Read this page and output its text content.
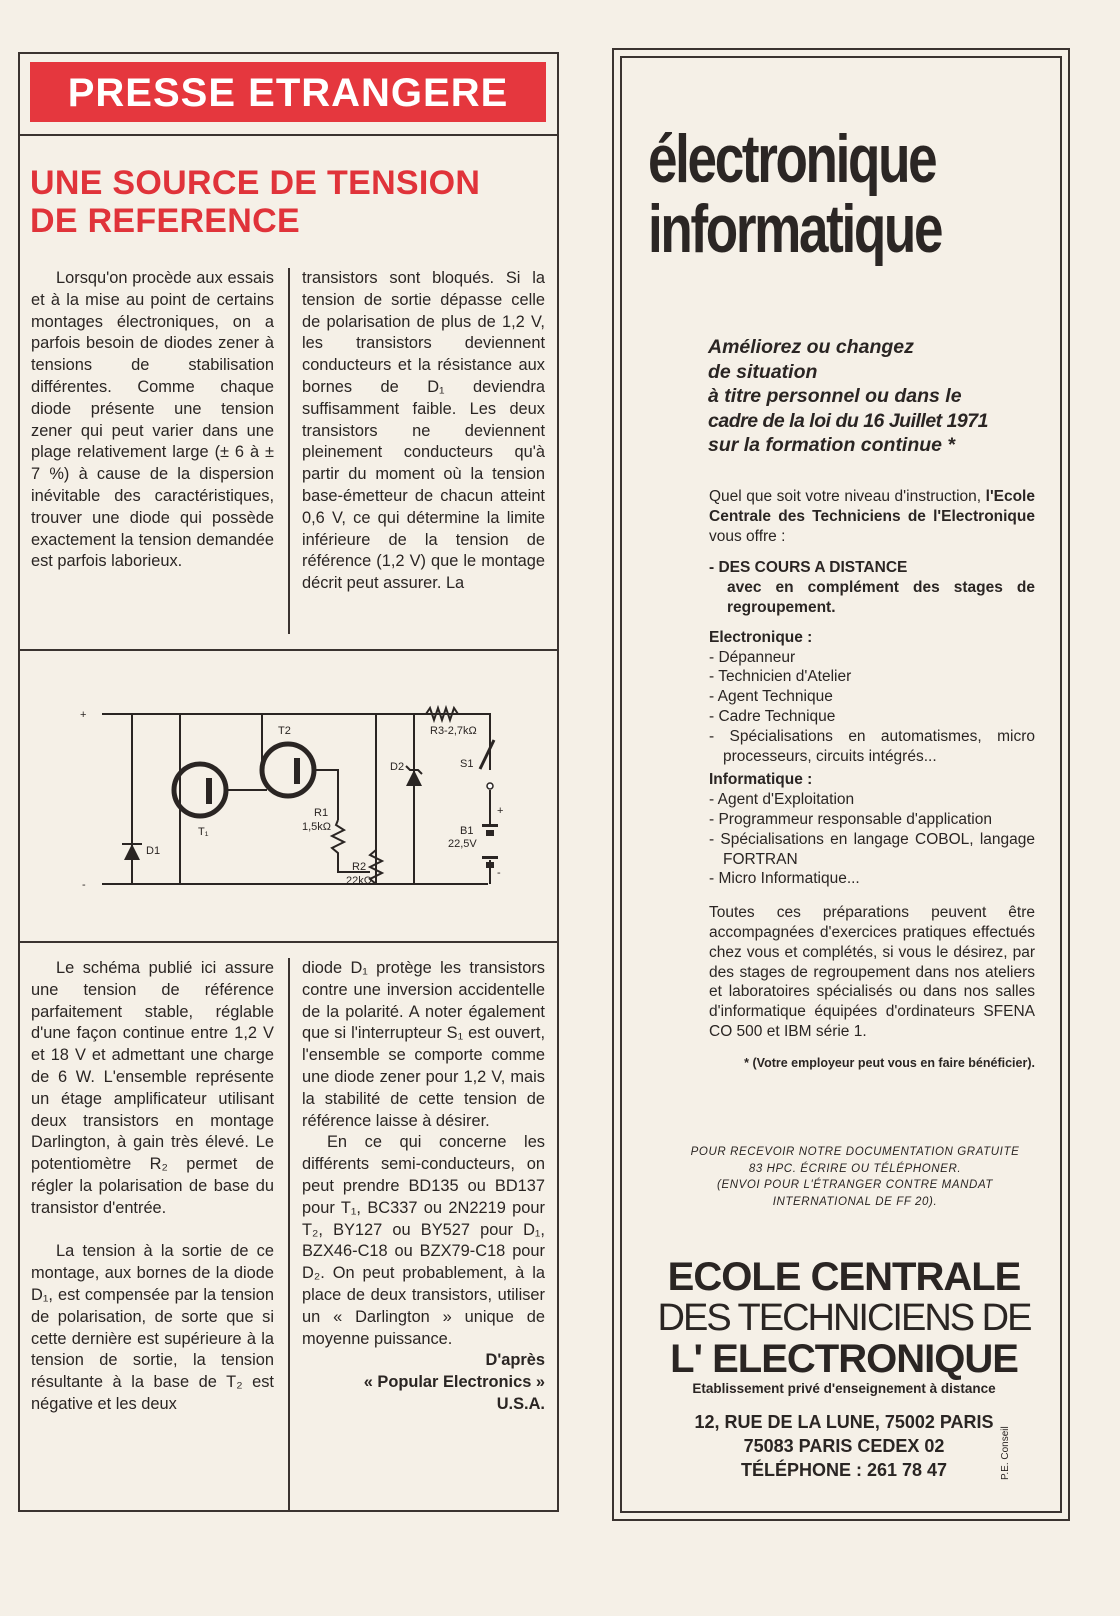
PRESSE ETRANGERE
UNE SOURCE DE TENSION
DE REFERENCE

Lorsqu'on procède aux essais et à la mise au point de certains montages électroniques, on a parfois besoin de diodes zener à tensions de stabilisation différentes. Comme chaque diode présente une tension zener qui peut varier dans une plage relativement large (± 6 à ± 7 %) à cause de la dispersion inévitable des caractéristiques, trouver une diode qui possède exactement la tension demandée est parfois laborieux.

transistors sont bloqués. Si la tension de sortie dépasse celle de polarisation de plus de 1,2 V, les transistors deviennent conducteurs et la résistance aux bornes de D₁ deviendra suffisamment faible. Les deux transistors ne deviennent pleinement conducteurs qu'à partir du moment où la tension base-émetteur de chacun atteint 0,6 V, ce qui détermine la limite inférieure de la tension de référence (1,2 V) que le montage décrit peut assurer. La

+
-
T₁
T2
D1
D2
R1
1,5kΩ
R2
22kΩ
R3-2,7kΩ
S1
B1
22,5V
+
-

Le schéma publié ici assure une tension de référence parfaitement stable, réglable d'une façon continue entre 1,2 V et 18 V et admettant une charge de 6 W. L'ensemble représente un étage amplificateur utilisant deux transistors en montage Darlington, à gain très élevé. Le potentiomètre R₂ permet de régler la polarisation de base du transistor d'entrée.

La tension à la sortie de ce montage, aux bornes de la diode D₁, est compensée par la tension de polarisation, de sorte que si cette dernière est supérieure à la tension de sortie, la tension résultante à la base de T₂ est négative et les deux

diode D₁ protège les transistors contre une inversion accidentelle de la polarité. A noter également que si l'interrupteur S₁ est ouvert, l'ensemble se comporte comme une diode zener pour 1,2 V, mais la stabilité de cette tension de référence laisse à désirer.

En ce qui concerne les différents semi-conducteurs, on peut prendre BD135 ou BD137 pour T₁, BC337 ou 2N2219 pour T₂, BY127 ou BY527 pour D₁, BZX46-C18 ou BZX79-C18 pour D₂. On peut probablement, à la place de deux transistors, utiliser un « Darlington » unique de moyenne puissance.

D'après
« Popular Electronics »
U.S.A.
électronique
informatique
Améliorez ou changez
de situation
à titre personnel ou dans le
cadre de la loi du 16 Juillet 1971
sur la formation continue *

Quel que soit votre niveau d'instruction, l'Ecole Centrale des Techniciens de l'Electronique vous offre :

- DES COURS A DISTANCE

avec en complément des stages de regroupement.

Electronique :

- Dépanneur

- Technicien d'Atelier

- Agent Technique

- Cadre Technique

- Spécialisations en automatismes, micro processeurs, circuits intégrés...

Informatique :

- Agent d'Exploitation

- Programmeur responsable d'application

- Spécialisations en langage COBOL, langage FORTRAN

- Micro Informatique...

Toutes ces préparations peuvent être accompagnées d'exercices pratiques effectués chez vous et complétés, si vous le désirez, par des stages de regroupement dans nos ateliers et laboratoires spécialisés ou dans nos salles d'informatique équipées d'ordinateurs SFENA CO 500 et IBM série 1.

* (Votre employeur peut vous en faire bénéficier).

POUR RECEVOIR NOTRE DOCUMENTATION GRATUITE
83 HPC. ÉCRIRE OU TÉLÉPHONER.
(ENVOI POUR L'ÉTRANGER CONTRE MANDAT
INTERNATIONAL DE FF 20).
ECOLE CENTRALE
DES TECHNICIENS DE
L' ELECTRONIQUE
Etablissement privé d'enseignement à distance
12, RUE DE LA LUNE, 75002 PARIS
75083 PARIS CEDEX 02
TÉLÉPHONE : 261 78 47	P.E. Conseil
